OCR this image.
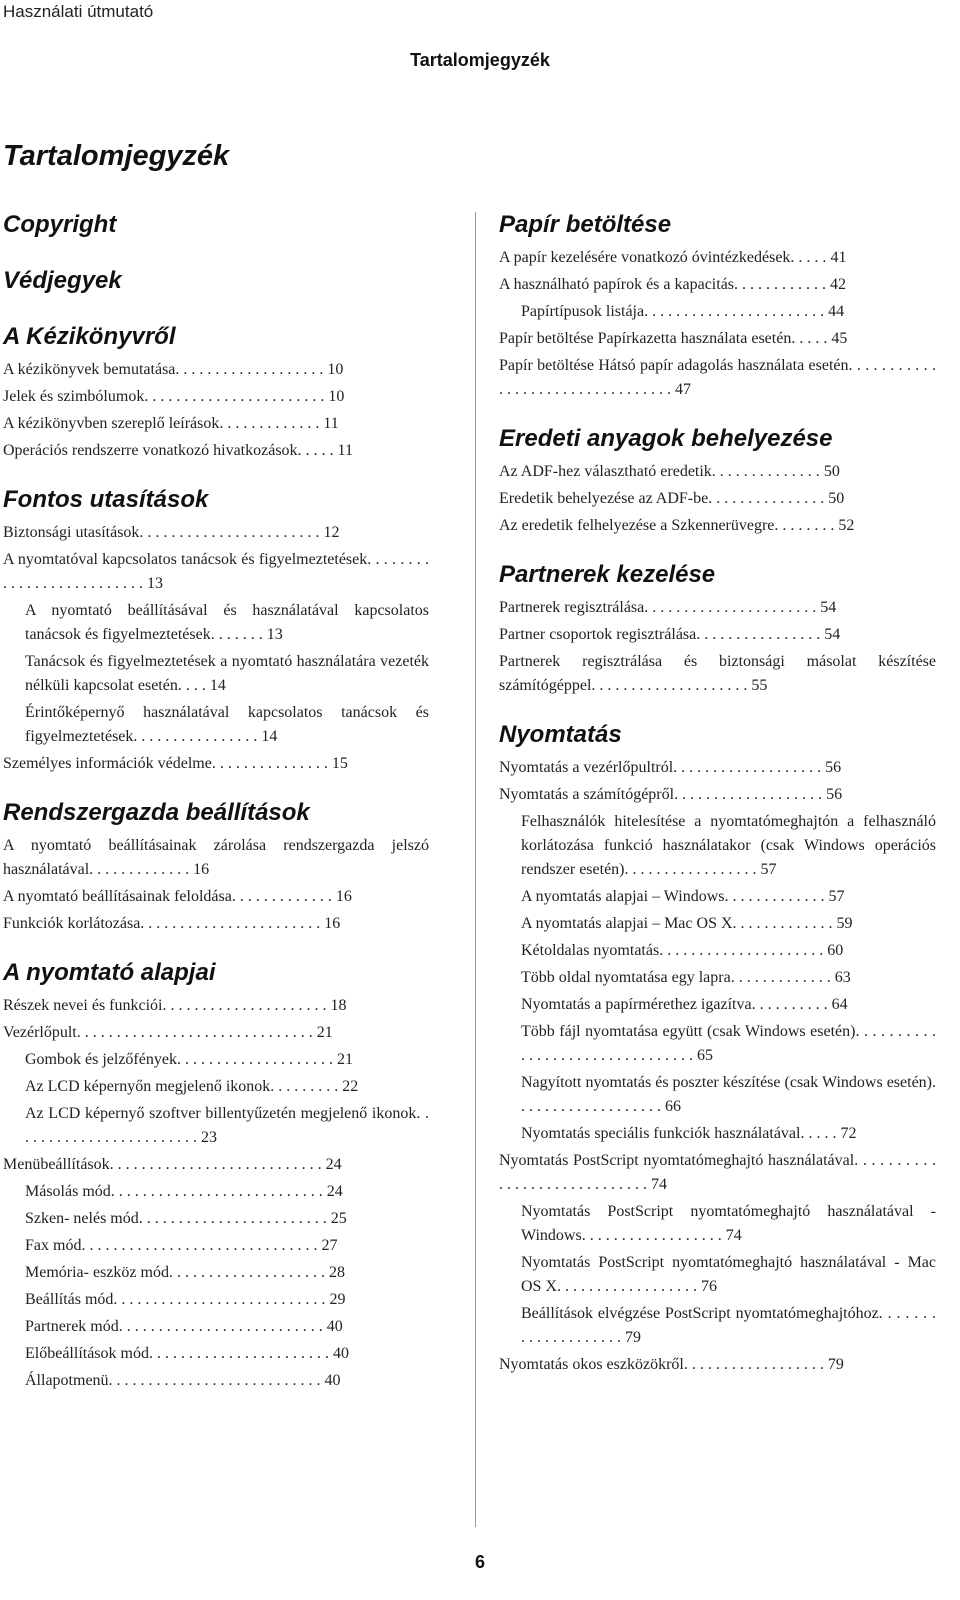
Használati útmutató
Tartalomjegyzék
Tartalomjegyzék
Copyright
Védjegyek
A Kézikönyvről
A kézikönyvek bemutatása. . . . . . . . . . . . . . . . . . . 10
Jelek és szimbólumok. . . . . . . . . . . . . . . . . . . . . . . 10
A kézikönyvben szereplő leírások. . . . . . . . . . . . . 11
Operációs rendszerre vonatkozó hivatkozások. . . . . 11
Fontos utasítások
Biztonsági utasítások. . . . . . . . . . . . . . . . . . . . . . . 12
A nyomtatóval kapcsolatos tanácsok és figyelmeztetések. . . . . . . . . . . . . . . . . . . . . . . . . . 13
A nyomtató beállításával és használatával kapcsolatos tanácsok és figyelmeztetések. . . . . . . 13
Tanácsok és figyelmeztetések a nyomtató használatára vezeték nélküli kapcsolat esetén. . . . 14
Érintőképernyő használatával kapcsolatos tanácsok és figyelmeztetések. . . . . . . . . . . . . . . . 14
Személyes információk védelme. . . . . . . . . . . . . . . 15
Rendszergazda beállítások
A nyomtató beállításainak zárolása rendszergazda jelszó használatával. . . . . . . . . . . . . 16
A nyomtató beállításainak feloldása. . . . . . . . . . . . . 16
Funkciók korlátozása. . . . . . . . . . . . . . . . . . . . . . . 16
A nyomtató alapjai
Részek nevei és funkciói. . . . . . . . . . . . . . . . . . . . . 18
Vezérlőpult. . . . . . . . . . . . . . . . . . . . . . . . . . . . . . 21
Gombok és jelzőfények. . . . . . . . . . . . . . . . . . . . 21
Az LCD képernyőn megjelenő ikonok. . . . . . . . . 22
Az LCD képernyő szoftver billentyűzetén megjelenő ikonok. . . . . . . . . . . . . . . . . . . . . . . . 23
Menübeállítások. . . . . . . . . . . . . . . . . . . . . . . . . . . 24
Másolás mód. . . . . . . . . . . . . . . . . . . . . . . . . . . 24
Szken- nelés mód. . . . . . . . . . . . . . . . . . . . . . . . 25
Fax mód. . . . . . . . . . . . . . . . . . . . . . . . . . . . . . 27
Memória- eszköz mód. . . . . . . . . . . . . . . . . . . . 28
Beállítás mód. . . . . . . . . . . . . . . . . . . . . . . . . . . 29
Partnerek mód. . . . . . . . . . . . . . . . . . . . . . . . . . 40
Előbeállítások mód. . . . . . . . . . . . . . . . . . . . . . . 40
Állapotmenü. . . . . . . . . . . . . . . . . . . . . . . . . . . 40
Papír betöltése
A papír kezelésére vonatkozó óvintézkedések. . . . . 41
A használható papírok és a kapacitás. . . . . . . . . . . . 42
Papírtípusok listája. . . . . . . . . . . . . . . . . . . . . . . 44
Papír betöltése Papírkazetta használata esetén. . . . . 45
Papír betöltése Hátsó papír adagolás használata esetén. . . . . . . . . . . . . . . . . . . . . . . . . . . . . . . . . 47
Eredeti anyagok behelyezése
Az ADF-hez választható eredetik. . . . . . . . . . . . . . 50
Eredetik behelyezése az ADF-be. . . . . . . . . . . . . . . 50
Az eredetik felhelyezése a Szkennerüvegre. . . . . . . . 52
Partnerek kezelése
Partnerek regisztrálása. . . . . . . . . . . . . . . . . . . . . . 54
Partner csoportok regisztrálása. . . . . . . . . . . . . . . . 54
Partnerek regisztrálása és biztonsági másolat készítése számítógéppel. . . . . . . . . . . . . . . . . . . . 55
Nyomtatás
Nyomtatás a vezérlőpultról. . . . . . . . . . . . . . . . . . . 56
Nyomtatás a számítógépről. . . . . . . . . . . . . . . . . . . 56
Felhasználók hitelesítése a nyomtatómeghajtón a felhasználó korlátozása funkció használatakor (csak Windows operációs rendszer esetén). . . . . . . . . . . . . . . . . 57
A nyomtatás alapjai – Windows. . . . . . . . . . . . . 57
A nyomtatás alapjai – Mac OS X. . . . . . . . . . . . . 59
Kétoldalas nyomtatás. . . . . . . . . . . . . . . . . . . . . 60
Több oldal nyomtatása egy lapra. . . . . . . . . . . . . 63
Nyomtatás a papírmérethez igazítva. . . . . . . . . . 64
Több fájl nyomtatása együtt (csak Windows esetén). . . . . . . . . . . . . . . . . . . . . . . . . . . . . . . . 65
Nagyított nyomtatás és poszter készítése (csak Windows esetén). . . . . . . . . . . . . . . . . . . 66
Nyomtatás speciális funkciók használatával. . . . . 72
Nyomtatás PostScript nyomtatómeghajtó használatával. . . . . . . . . . . . . . . . . . . . . . . . . . . . . 74
Nyomtatás PostScript nyomtatómeghajtó használatával - Windows. . . . . . . . . . . . . . . . . . 74
Nyomtatás PostScript nyomtatómeghajtó használatával - Mac OS X. . . . . . . . . . . . . . . . . . 76
Beállítások elvégzése PostScript nyomtatómeghajtóhoz. . . . . . . . . . . . . . . . . . . . 79
Nyomtatás okos eszközökről. . . . . . . . . . . . . . . . . . 79
6
